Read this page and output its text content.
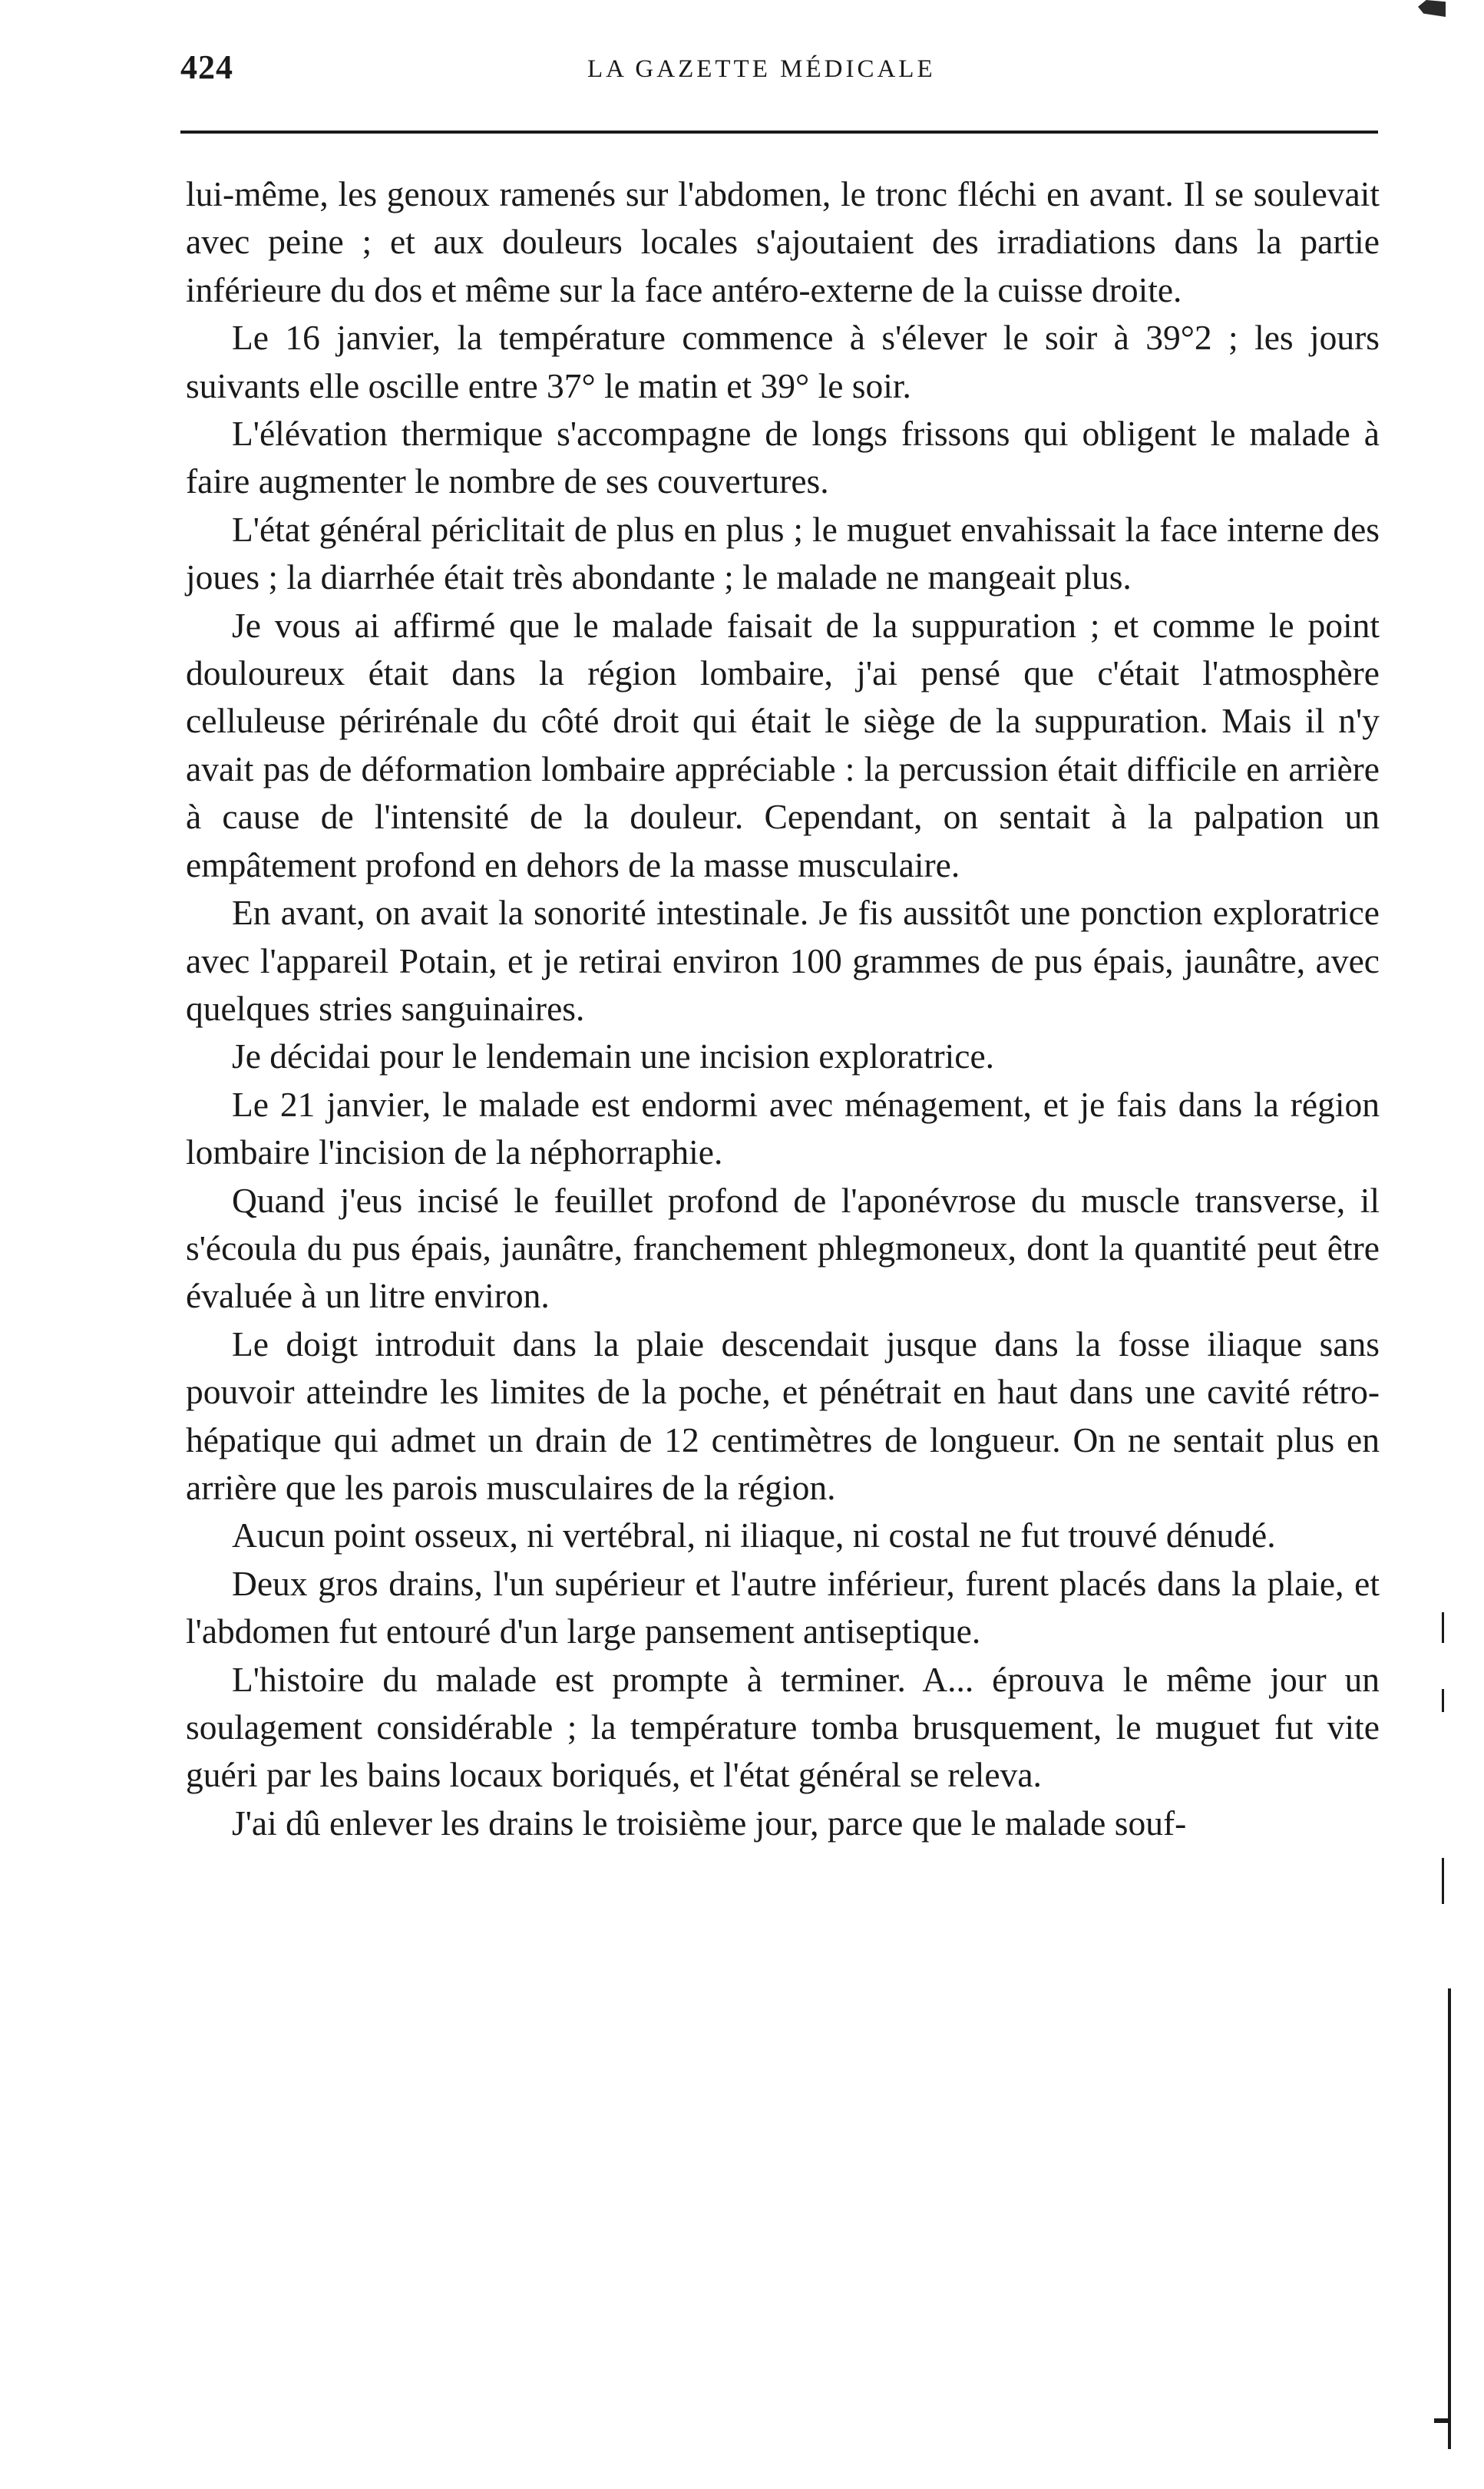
424	LA GAZETTE MÉDICALE

lui-même, les genoux ramenés sur l'abdomen, le tronc fléchi en avant. Il se soulevait avec peine ; et aux douleurs locales s'ajoutaient des irradiations dans la partie inférieure du dos et même sur la face antéro-externe de la cuisse droite.

Le 16 janvier, la température commence à s'élever le soir à 39°2 ; les jours suivants elle oscille entre 37° le matin et 39° le soir.

L'élévation thermique s'accompagne de longs frissons qui obligent le malade à faire augmenter le nombre de ses couvertures.

L'état général périclitait de plus en plus ; le muguet envahissait la face interne des joues ; la diarrhée était très abondante ; le malade ne mangeait plus.

Je vous ai affirmé que le malade faisait de la suppuration ; et comme le point douloureux était dans la région lombaire, j'ai pensé que c'était l'atmosphère celluleuse périrénale du côté droit qui était le siège de la suppuration. Mais il n'y avait pas de déformation lombaire appréciable : la percussion était difficile en arrière à cause de l'intensité de la douleur. Cependant, on sentait à la palpation un empâtement profond en dehors de la masse musculaire.

En avant, on avait la sonorité intestinale. Je fis aussitôt une ponction exploratrice avec l'appareil Potain, et je retirai environ 100 grammes de pus épais, jaunâtre, avec quelques stries sanguinaires.

Je décidai pour le lendemain une incision exploratrice.

Le 21 janvier, le malade est endormi avec ménagement, et je fais dans la région lombaire l'incision de la néphorraphie.

Quand j'eus incisé le feuillet profond de l'aponévrose du muscle transverse, il s'écoula du pus épais, jaunâtre, franchement phlegmoneux, dont la quantité peut être évaluée à un litre environ.

Le doigt introduit dans la plaie descendait jusque dans la fosse iliaque sans pouvoir atteindre les limites de la poche, et pénétrait en haut dans une cavité rétro-hépatique qui admet un drain de 12 centimètres de longueur. On ne sentait plus en arrière que les parois musculaires de la région.

Aucun point osseux, ni vertébral, ni iliaque, ni costal ne fut trouvé dénudé.

Deux gros drains, l'un supérieur et l'autre inférieur, furent placés dans la plaie, et l'abdomen fut entouré d'un large pansement antiseptique.

L'histoire du malade est prompte à terminer. A... éprouva le même jour un soulagement considérable ; la température tomba brusquement, le muguet fut vite guéri par les bains locaux boriqués, et l'état général se releva.

J'ai dû enlever les drains le troisième jour, parce que le malade souf-
